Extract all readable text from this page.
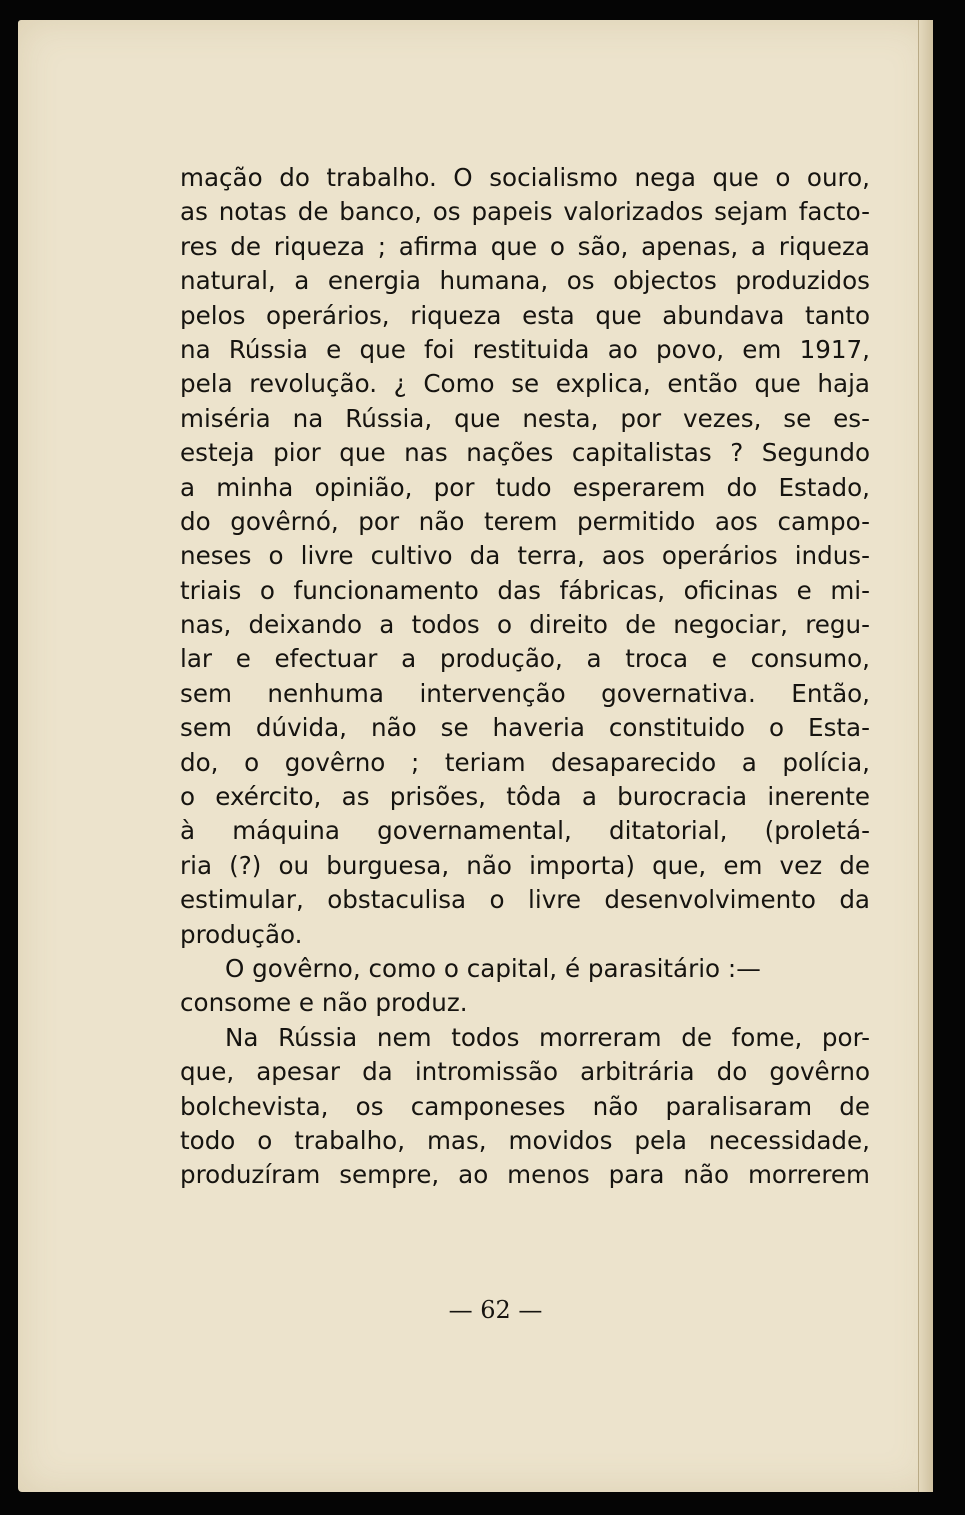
mação do trabalho. O socialismo nega que o ouro,
as notas de banco, os papeis valorizados sejam facto-
res de riqueza ; afirma que o são, apenas, a riqueza
natural, a energia humana, os objectos produzidos
pelos operários, riqueza esta que abundava tanto
na Rússia e que foi restituida ao povo, em 1917,
pela revolução. ¿ Como se explica, então que haja
miséria na Rússia, que nesta, por vezes, se es-
esteja pior que nas nações capitalistas ? Segundo
a minha opinião, por tudo esperarem do Estado,
do govêrnó, por não terem permitido aos campo-
neses o livre cultivo da terra, aos operários indus-
triais o funcionamento das fábricas, oficinas e mi-
nas, deixando a todos o direito de negociar, regu-
lar e efectuar a produção, a troca e consumo,
sem nenhuma intervenção governativa. Então,
sem dúvida, não se haveria constituido o Esta-
do, o govêrno ; teriam desaparecido a polícia,
o exército, as prisões, tôda a burocracia inerente
à máquina governamental, ditatorial, (proletá-
ria (?) ou burguesa, não importa) que, em vez de
estimular, obstaculisa o livre desenvolvimento da
produção.
O govêrno, como o capital, é parasitário :—
consome e não produz.
Na Rússia nem todos morreram de fome, por-
que, apesar da intromissão arbitrária do govêrno
bolchevista, os camponeses não paralisaram de
todo o trabalho, mas, movidos pela necessidade,
produzíram sempre, ao menos para não morrerem
— 62 —
